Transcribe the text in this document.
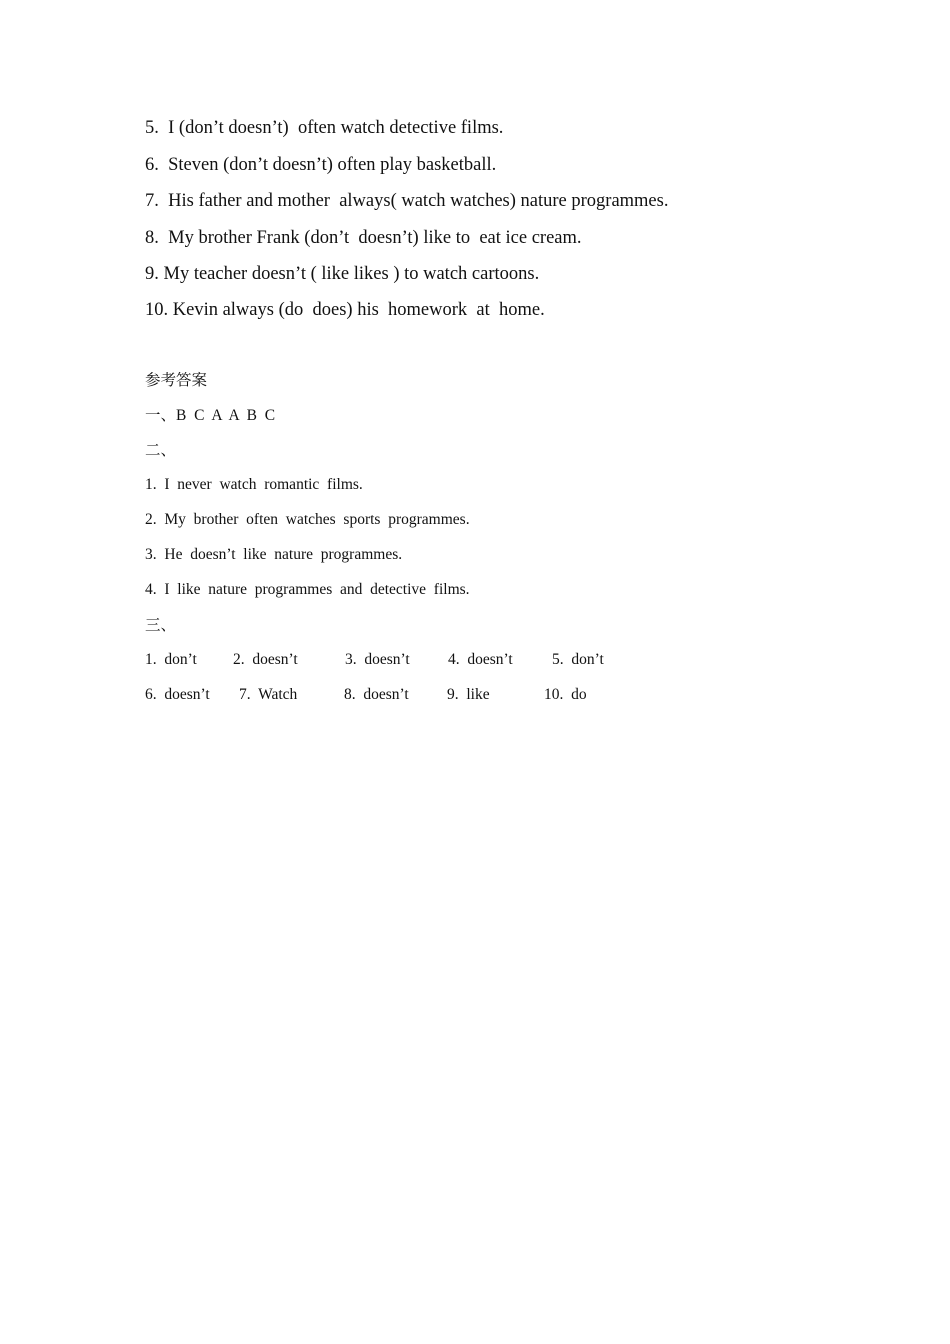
5.  I (don’t doesn’t)  often watch detective films.
6.  Steven (don’t doesn’t) often play basketball.
7.  His father and mother  always( watch watches) nature programmes.
8.  My brother Frank (don’t  doesn’t) like to  eat ice cream.
9. My teacher doesn’t ( like likes ) to watch cartoons.
10. Kevin always (do  does) his  homework  at  home.
参考答案
一、B  C  A  A  B  C
二、
1.  I  never  watch  romantic  films.
2.  My  brother  often  watches  sports  programmes.
3.  He  doesn’t  like  nature  programmes.
4.  I  like  nature  programmes  and  detective  films.
三、
1.  don’t 2.  doesn’t	3.  doesn’t 4.  doesn’t	5.  don’t
6.  doesn’t 7.  Watch	8.  doesn’t 9.  like	10.  do
